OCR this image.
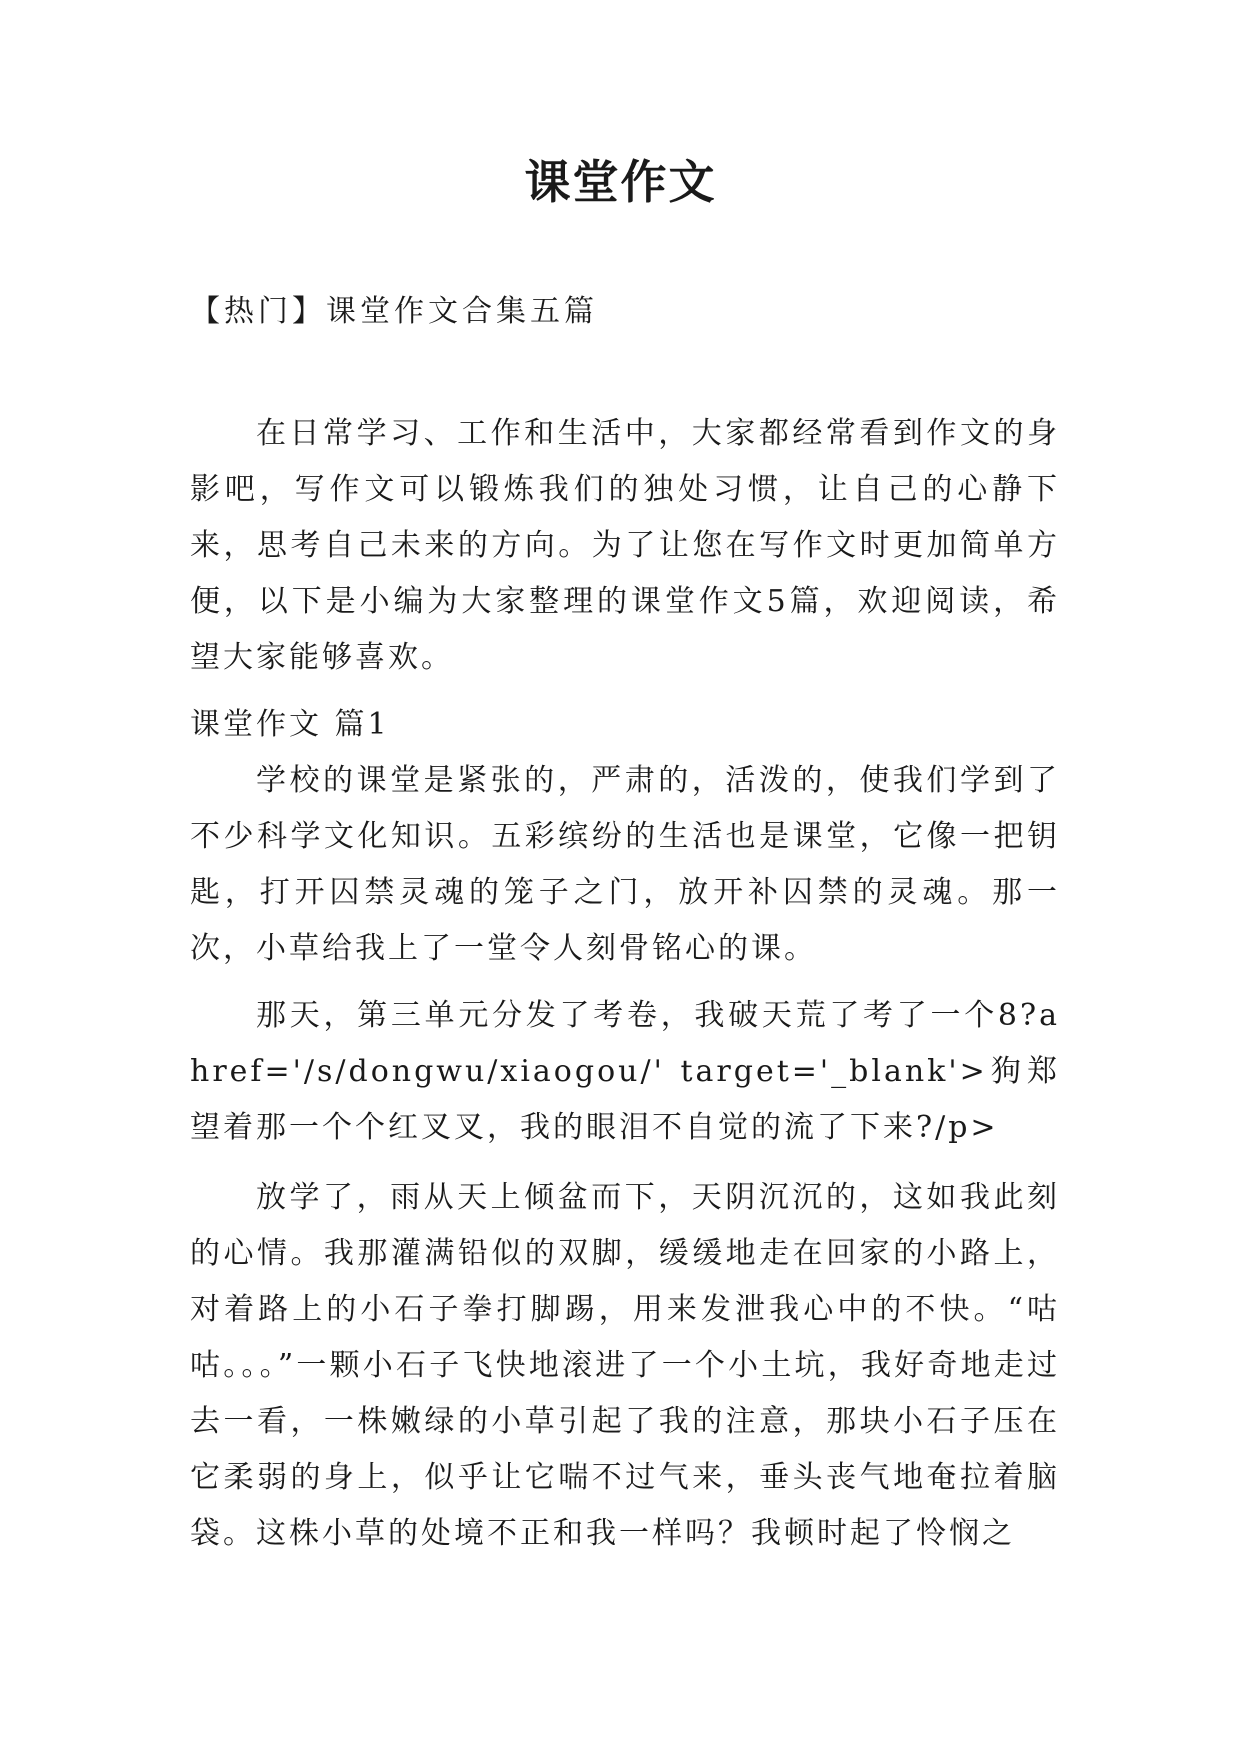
课堂作文

【热门】课堂作文合集五篇

在日常学习、工作和生活中，大家都经常看到作文的身影吧，写作文可以锻炼我们的独处习惯，让自己的心静下来，思考自己未来的方向。为了让您在写作文时更加简单方便，以下是小编为大家整理的课堂作文5篇，欢迎阅读，希望大家能够喜欢。

课堂作文 篇1

学校的课堂是紧张的，严肃的，活泼的，使我们学到了不少科学文化知识。五彩缤纷的生活也是课堂，它像一把钥匙，打开囚禁灵魂的笼子之门，放开补囚禁的灵魂。那一次，小草给我上了一堂令人刻骨铭心的课。

那天，第三单元分发了考卷，我破天荒了考了一个8?a href='/s/dongwu/xiaogou/' target='_blank'>狗郑望着那一个个红叉叉，我的眼泪不自觉的流了下来?/p>

放学了，雨从天上倾盆而下，天阴沉沉的，这如我此刻的心情。我那灌满铅似的双脚，缓缓地走在回家的小路上，对着路上的小石子拳打脚踢，用来发泄我心中的不快。“咕咕。。。”一颗小石子飞快地滚进了一个小土坑，我好奇地走过去一看，一株嫩绿的小草引起了我的注意，那块小石子压在它柔弱的身上，似乎让它喘不过气来，垂头丧气地奄拉着脑袋。这株小草的处境不正和我一样吗？我顿时起了怜悯之
